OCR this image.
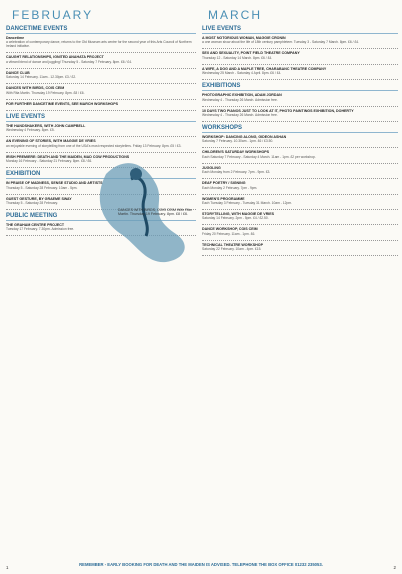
FEBRUARY
DANCETIME EVENTS
Dancetime
a celebration of contemporary dance, returns to the Old Museum arts centre for the second year of this Arts Council of Northern Ireland initiative.
CAUGHT RELATIONSHIPS, IGNITED ANAHATA PROJECT
a vibrant blend of dance and juggling! Thursday 5 - Saturday 7 February. 8pm. £6 / £4.
DANCE CLUB
Saturday 14 February. 11am - 12.30pm. £3 / £2.
DANCES WITH BIRDS, COIS CEIM
With Rita Martin. Thursday 19 February. 8pm. £8 / £6.
FOR FURTHER DANCETIME EVENTS, SEE MARCH WORKSHOPS
LIVE EVENTS
THE HANDSHAKERS, WITH JOHN CAMPBELL
Wednesday 4 February. 8pm. £5.
AN EVENING OF STORIES, WITH MAGGIE DE VRIES
an enjoyable evening of storytelling from one of the USA's most respected storytellers. Friday 13 February. 8pm. £5 / £3.
IRISH PREMIERE: DEATH AND THE MAIDEN, MAD COW PRODUCTIONS
Monday 16 February - Saturday 21 February. 8pm. £8 / £6.
EXHIBITION
IN PRAISE OF MADNESS, SENSE STUDIO AND ARTISTS
Thursday 5 - Saturday 28 February. 10am - 5pm.
GUEST GESTURE, BY GRAEME SWAY
Thursday 5 - Saturday 28 February.
PUBLIC MEETING
THE GRAHAM CENTRE PROJECT
Tuesday 17 February. 7.30pm. Admission free.
MARCH
LIVE EVENTS
A MOST NOTORIOUS WOMAN, MAGGIE CRONIN
a one woman show about the life of 18th century pamphleteer. Tuesday 3 - Saturday 7 March. 8pm. £6 / £4.
SEX AND SEXUALITY, POINT FIELD THEATRE COMPANY
Thursday 12 - Saturday 14 March. 8pm. £6 / £4.
A WIFE, A DOG AND A MAPLE TREE, CHARABANC THEATRE COMPANY
Wednesday 25 March - Saturday 4 April. 8pm. £6 / £4.
EXHIBITIONS
PHOTOGRAPHIC EXHIBITION, ADAM JORDAN
Wednesday 4 - Thursday 26 March. Admission free.
10 DAYS TWO PIANOS JUST TO LOOK AT IT, PHOTO PAINTINGS EXHIBITION, DOHERTY
Wednesday 4 - Thursday 26 March. Admission free.
WORKSHOPS
WORKSHOP: DANCING ALONG, GIDEON ASHAN
Saturday 7 February. 10.30am - 1pm. £6 / £3.50.
CHILDREN'S SATURDAY WORKSHOPS
Each Saturday 7 February - Saturday 4 March. 11am - 1pm. £2 per workshop.
JUGGLING
Each Monday from 2 February. 7pm - 9pm. £3.
DEAF POETRY / SIGNING
Each Monday 2 February. 7pm - 9pm.
WOMEN'S PROGRAMME
Each Tuesday 3 February - Tuesday 31 March. 10am - 12pm.
STORYTELLING, WITH MAGGIE DE VRIES
Saturday 14 February. 2pm - 5pm. £4 / £2.50.
DANCE WORKSHOP, COIS CEIM
Friday 20 February. 11am - 1pm. £6.
TECHNICAL THEATRE WORKSHOP
Saturday 22 February. 10am - 4pm. £15.
DANCES WITH BIRDS, COIS CEIM With Rita Martin. Thursday 19 February. 8pm. £8 / £6.
REMEMBER - EARLY BOOKING FOR DEATH AND THE MAIDEN IS ADVISED. TELEPHONE THE BOX OFFICE 01232 235053.
1	2
